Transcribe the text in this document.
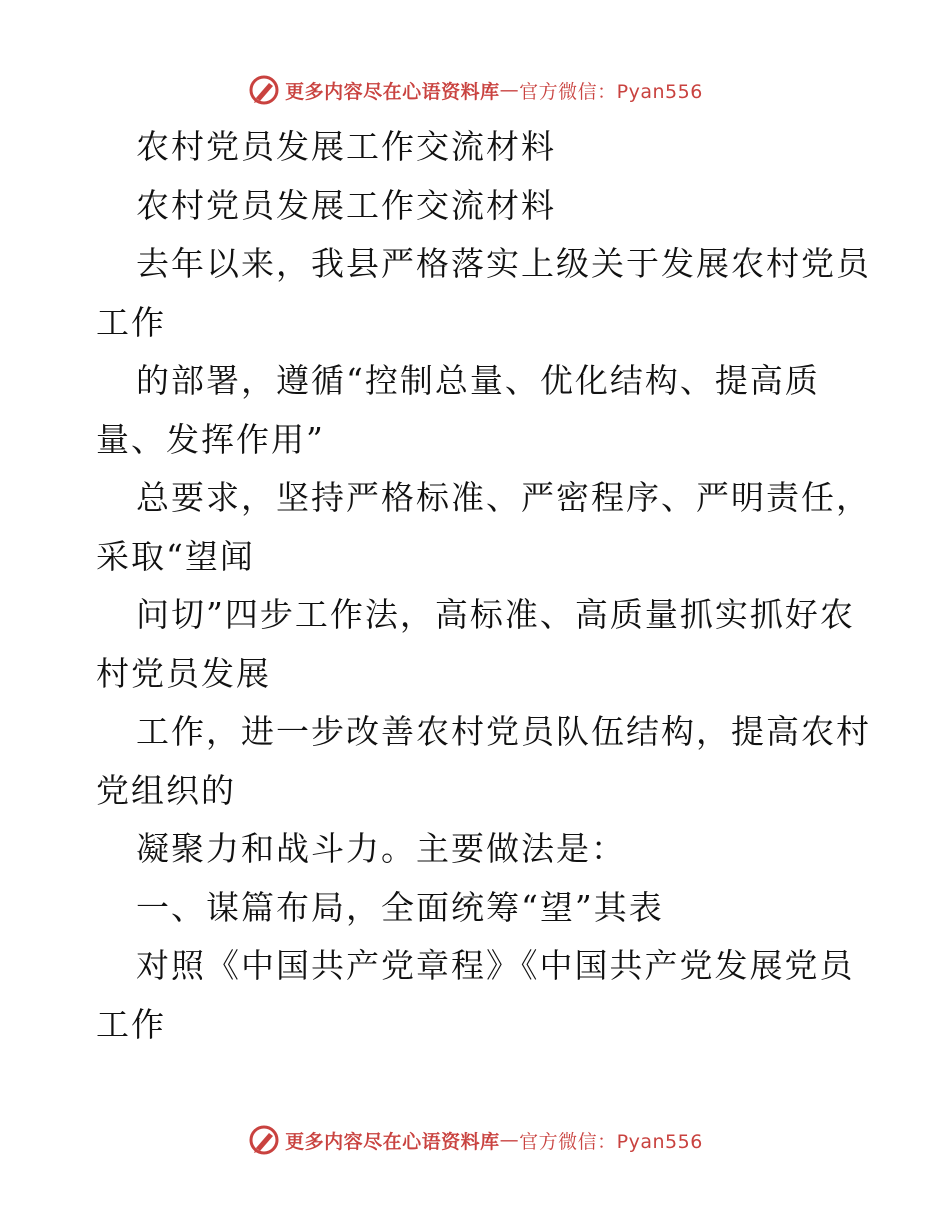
更多内容尽在心语资料库 — 官方微信：Pyan556
农村党员发展工作交流材料
农村党员发展工作交流材料
去年以来，我县严格落实上级关于发展农村党员
工作
的部署，遵循“控制总量、优化结构、提高质
量、发挥作用”
总要求，坚持严格标准、严密程序、严明责任，
采取“望闻
问切”四步工作法，高标准、高质量抓实抓好农
村党员发展
工作，进一步改善农村党员队伍结构，提高农村
党组织的
凝聚力和战斗力。主要做法是：
一、谋篇布局，全面统筹“望”其表
对照《中国共产党章程》《中国共产党发展党员
工作
更多内容尽在心语资料库 — 官方微信：Pyan556
